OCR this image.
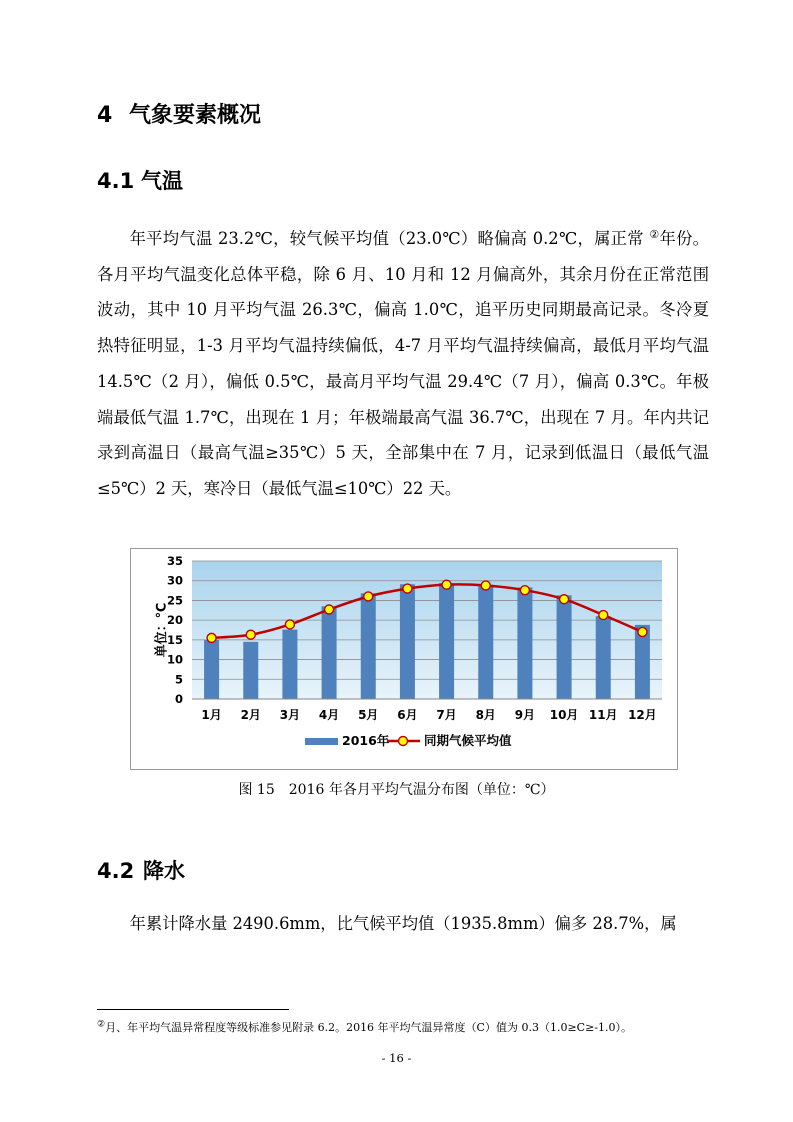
4 气象要素概况
4.1 气温
年平均气温 23.2℃，较气候平均值（23.0℃）略偏高 0.2℃，属正常 ②年份。各月平均气温变化总体平稳，除 6 月、10 月和 12 月偏高外，其余月份在正常范围波动，其中 10 月平均气温 26.3℃，偏高 1.0℃，追平历史同期最高记录。冬冷夏热特征明显，1-3 月平均气温持续偏低，4-7 月平均气温持续偏高，最低月平均气温 14.5℃（2 月），偏低 0.5℃，最高月平均气温 29.4℃（7 月），偏高 0.3℃。年极端最低气温 1.7℃，出现在 1 月；年极端最高气温 36.7℃，出现在 7 月。年内共记录到高温日（最高气温≥35℃）5 天，全部集中在 7 月，记录到低温日（最低气温≤5℃）2 天，寒冷日（最低气温≤10℃）22 天。
0
5
10
15
20
25
30
35
1月 2月 3月 4月 5月 6月 7月 8月 9月 10月 11月 12月
单位：℃
2016年	同期气候平均值
图 15　2016 年各月平均气温分布图（单位：℃）
4.2 降水
年累计降水量 2490.6mm，比气候平均值（1935.8mm）偏多 28.7%，属
②月、年平均气温异常程度等级标准参见附录 6.2。2016 年平均气温异常度（C）值为 0.3（1.0≥C≥-1.0）。
- 16 -
